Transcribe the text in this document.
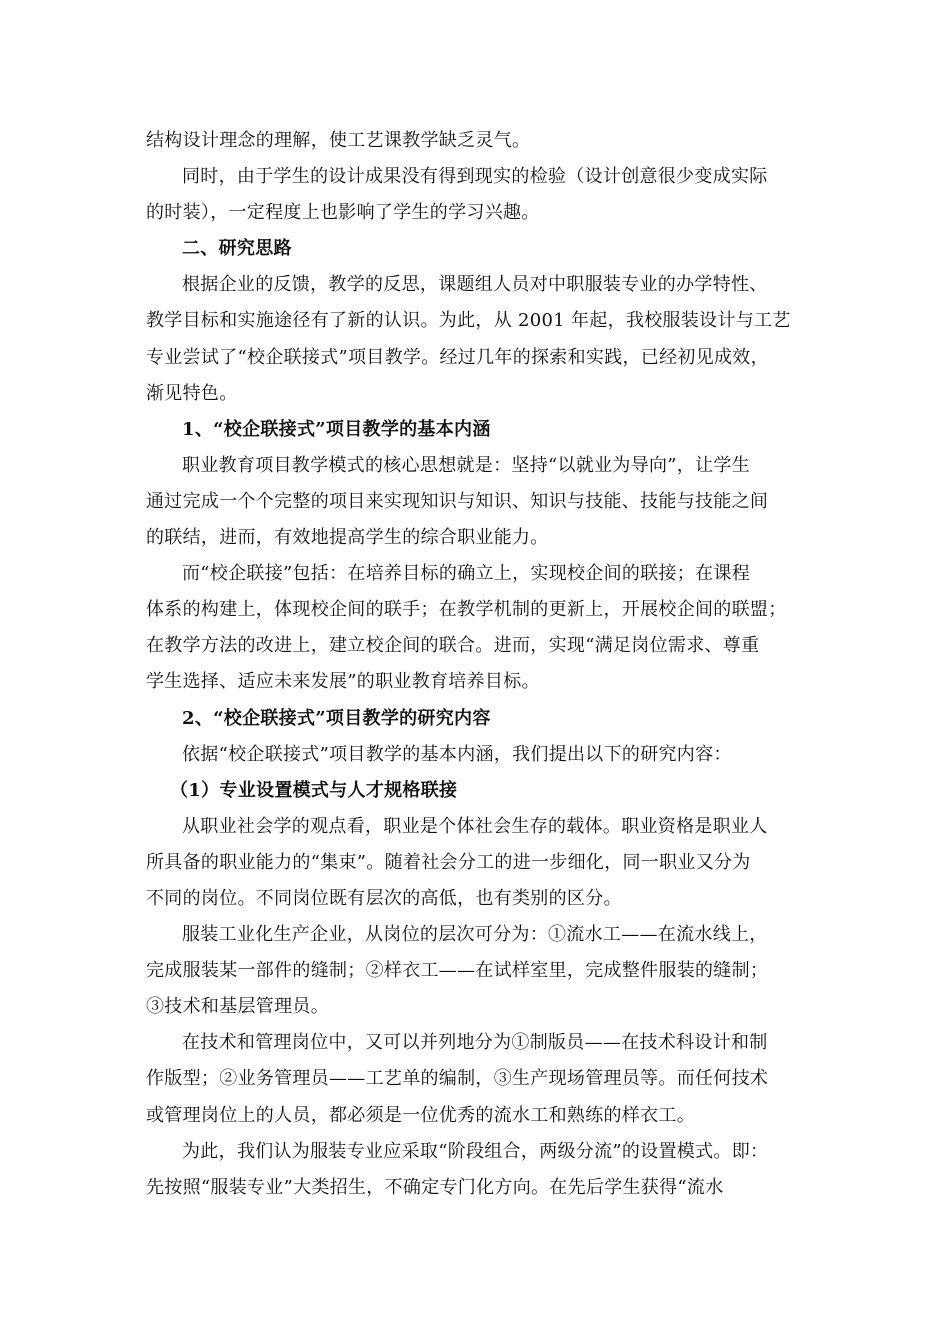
结构设计理念的理解，使工艺课教学缺乏灵气。
同时，由于学生的设计成果没有得到现实的检验（设计创意很少变成实际
的时装），一定程度上也影响了学生的学习兴趣。
二、研究思路
根据企业的反馈，教学的反思，课题组人员对中职服装专业的办学特性、
教学目标和实施途径有了新的认识。为此，从 2001 年起，我校服装设计与工艺
专业尝试了“校企联接式”项目教学。经过几年的探索和实践，已经初见成效，
渐见特色。
1、“校企联接式”项目教学的基本内涵
职业教育项目教学模式的核心思想就是：坚持“以就业为导向”，让学生
通过完成一个个完整的项目来实现知识与知识、知识与技能、技能与技能之间
的联结，进而，有效地提高学生的综合职业能力。
而“校企联接”包括：在培养目标的确立上，实现校企间的联接；在课程
体系的构建上，体现校企间的联手；在教学机制的更新上，开展校企间的联盟；
在教学方法的改进上，建立校企间的联合。进而，实现“满足岗位需求、尊重
学生选择、适应未来发展”的职业教育培养目标。
2、“校企联接式”项目教学的研究内容
依据“校企联接式”项目教学的基本内涵，我们提出以下的研究内容：
（1）专业设置模式与人才规格联接
从职业社会学的观点看，职业是个体社会生存的载体。职业资格是职业人
所具备的职业能力的“集束”。随着社会分工的进一步细化，同一职业又分为
不同的岗位。不同岗位既有层次的高低，也有类别的区分。
服装工业化生产企业，从岗位的层次可分为：①流水工——在流水线上，
完成服装某一部件的缝制；②样衣工——在试样室里，完成整件服装的缝制；
③技术和基层管理员。
在技术和管理岗位中，又可以并列地分为①制版员——在技术科设计和制
作版型；②业务管理员——工艺单的编制，③生产现场管理员等。而任何技术
或管理岗位上的人员，都必须是一位优秀的流水工和熟练的样衣工。
为此，我们认为服装专业应采取“阶段组合，两级分流”的设置模式。即：
先按照“服装专业”大类招生，不确定专门化方向。在先后学生获得“流水
